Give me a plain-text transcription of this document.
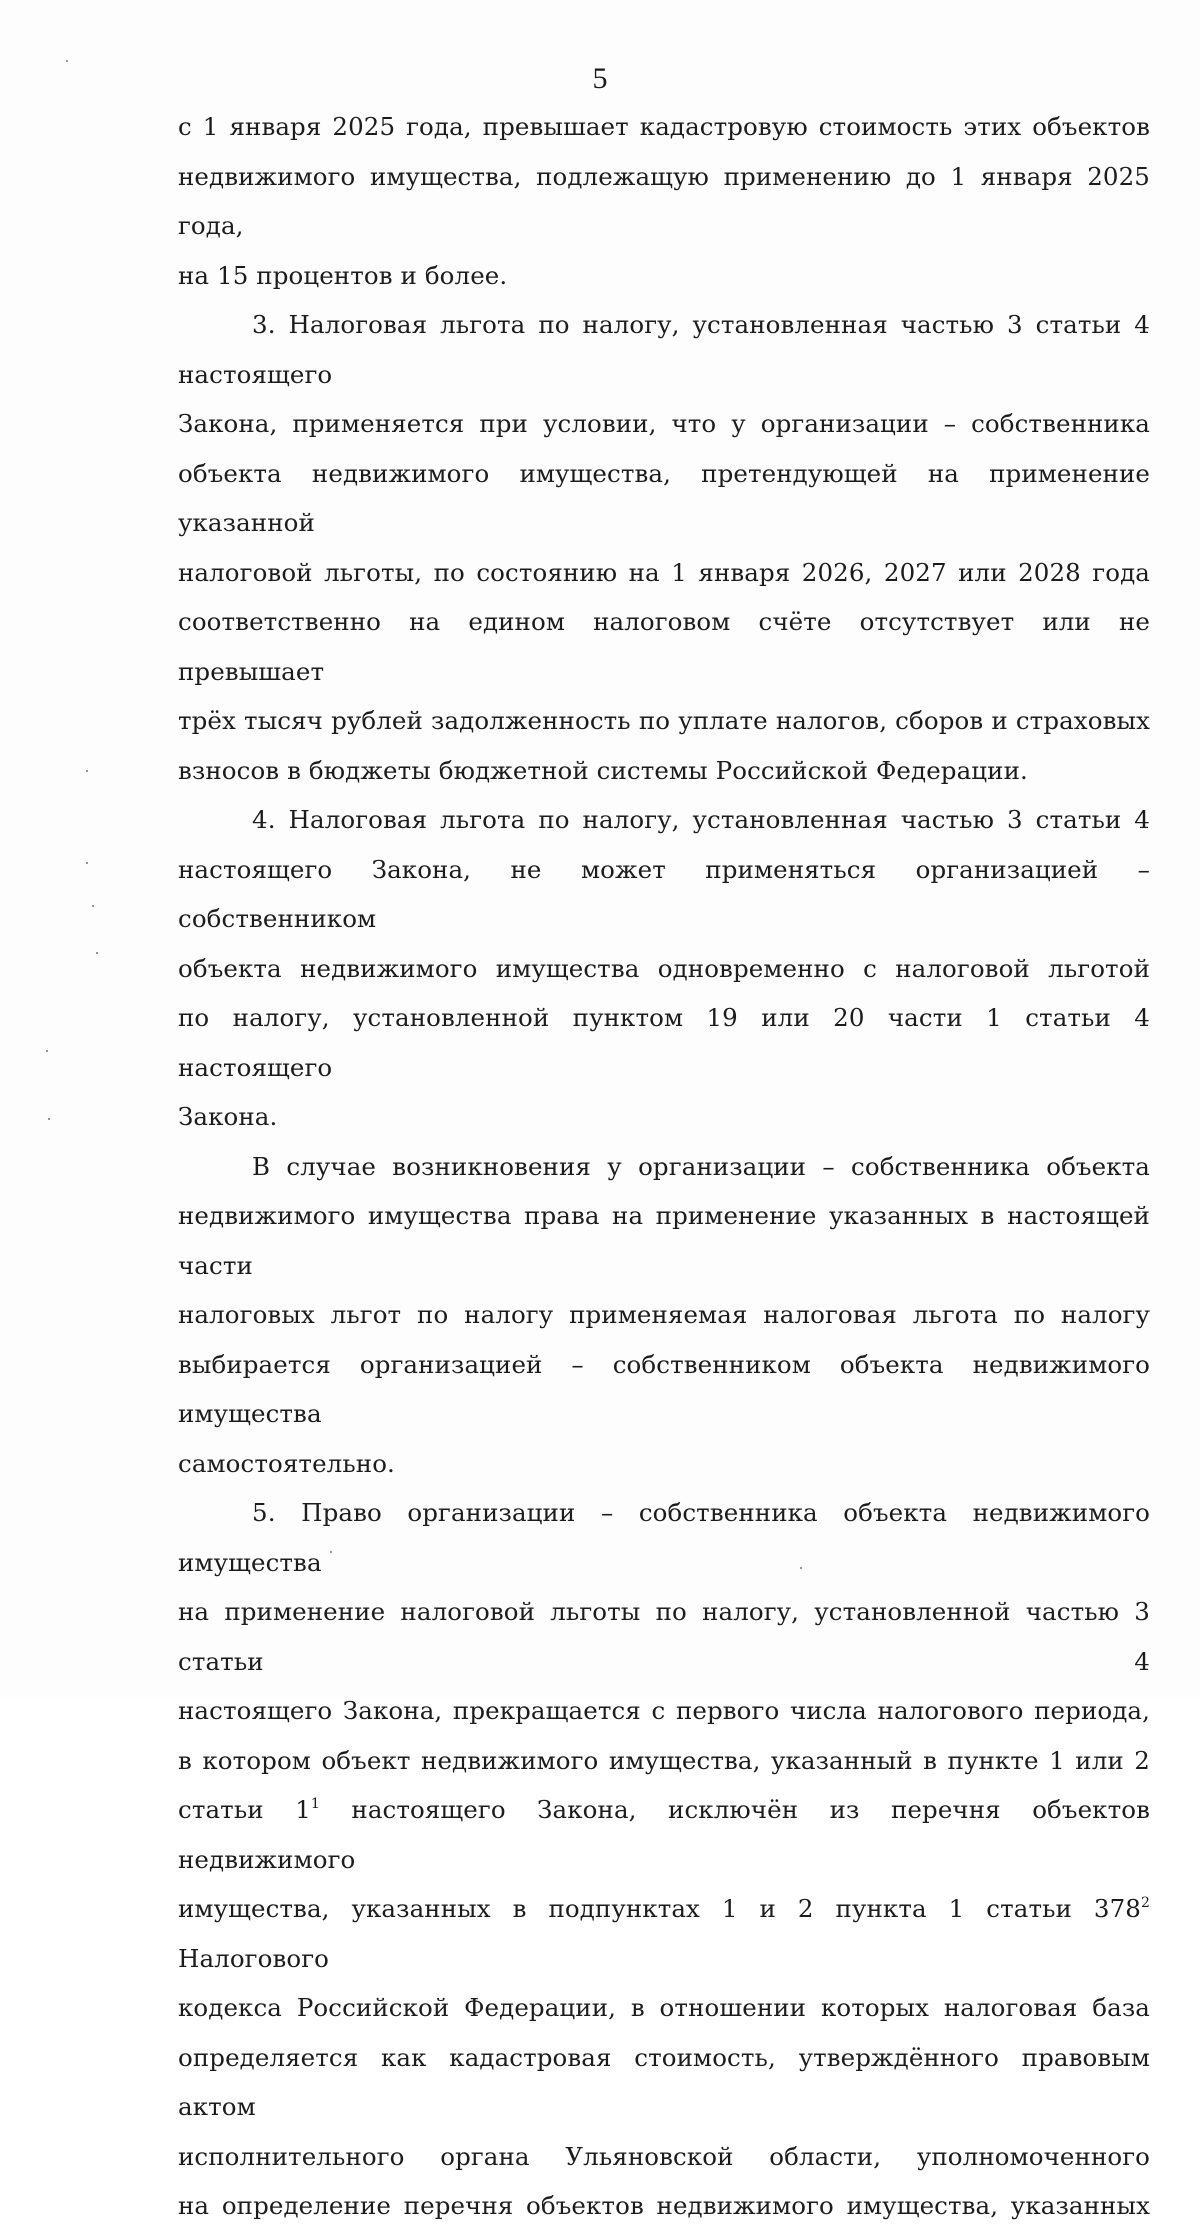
5

с 1 января 2025 года, превышает кадастровую стоимость этих объектов

недвижимого имущества, подлежащую применению до 1 января 2025 года,

на 15 процентов и более.

3. Налоговая льгота по налогу, установленная частью 3 статьи 4 настоящего

Закона, применяется при условии, что у организации – собственника

объекта недвижимого имущества, претендующей на применение указанной

налоговой льготы, по состоянию на 1 января 2026, 2027 или 2028 года

соответственно на едином налоговом счёте отсутствует или не превышает

трёх тысяч рублей задолженность по уплате налогов, сборов и страховых

взносов в бюджеты бюджетной системы Российской Федерации.

4. Налоговая льгота по налогу, установленная частью 3 статьи 4

настоящего Закона, не может применяться организацией – собственником

объекта недвижимого имущества одновременно с налоговой льготой

по налогу, установленной пунктом 19 или 20 части 1 статьи 4 настоящего

Закона.

В случае возникновения у организации – собственника объекта

недвижимого имущества права на применение указанных в настоящей части

налоговых льгот по налогу применяемая налоговая льгота по налогу

выбирается организацией – собственником объекта недвижимого имущества

самостоятельно.

5. Право организации – собственника объекта недвижимого имущества

на применение налоговой льготы по налогу, установленной частью 3 статьи 4

настоящего Закона, прекращается с первого числа налогового периода,

в котором объект недвижимого имущества, указанный в пункте 1 или 2

статьи $1^1$ настоящего Закона, исключён из перечня объектов недвижимого

имущества, указанных в подпунктах 1 и 2 пункта 1 статьи $378^2$ Налогового

кодекса Российской Федерации, в отношении которых налоговая база

определяется как кадастровая стоимость, утверждённого правовым актом

исполнительного органа Ульяновской области, уполномоченного

на определение перечня объектов недвижимого имущества, указанных
